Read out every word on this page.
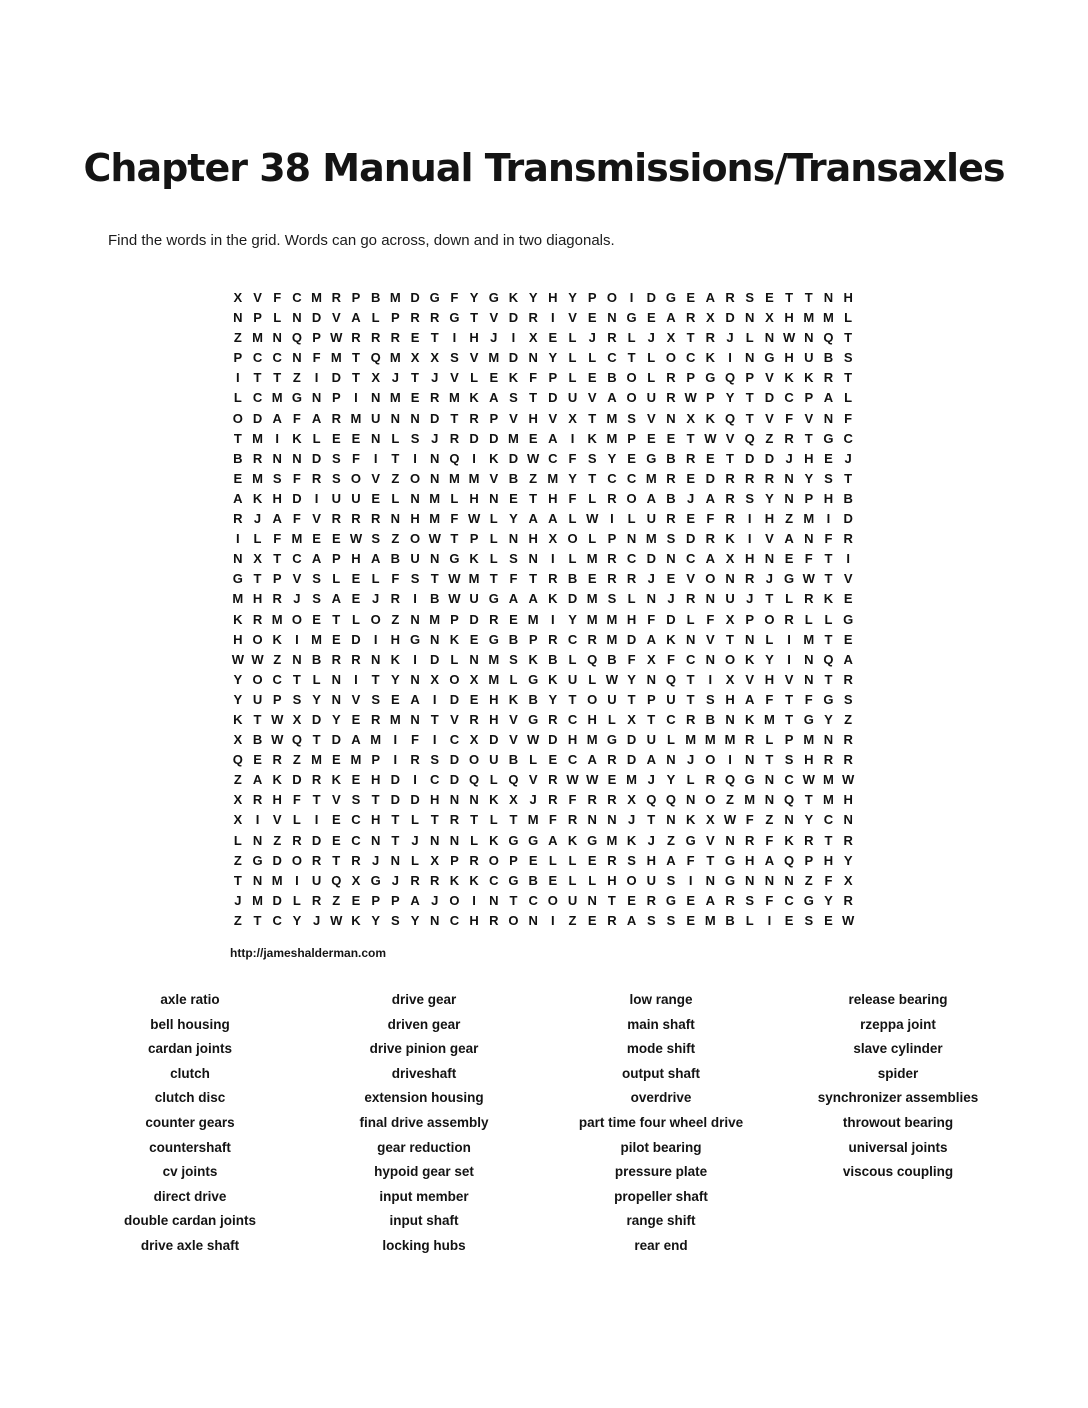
Chapter 38 Manual Transmissions/Transaxles

Find the words in the grid. Words can go across, down and in two diagonals.

X V F C M R P B M D G F Y G K Y H Y P O I	D G E A R S E T T N H
N P L N D V A L P R R G T V D R	I	V E N G E A R X D N X H M M L
Z M N Q P W R R R E T	I	H J	I	X E L J R L J X T R J L N W N Q T
P C C N F M T Q M X X S V M D N Y L L C T L O C K	I	N G H U B S
I	T T Z	I	D T X J T J V L E K F P L E B O L R P G Q P V K K R T
L C M G N P	I	N M E R M K A S T D U V A O U R W P Y T D C P A L
O D A F A R M U N N D T R P V H V X T M S V N X K Q T V F V N F
T M I	K L E E N L S J R D D M E A	I	K M P E E T W V Q Z R T G C
B R N N D S F	I	T	I	N Q I	K D W C F S Y E G B R E T D D J H E J
E M S F R S O V Z O N M M V B Z M Y T C C M R E D R R R N Y S T
A K H D	I	U U E L N M L H N E T H F L R O A B J A R S Y N P H B
R J A F V R R R N H M F W L Y A A L W I	L U R E F R	I	H Z M I	D
I	L F M E E W S Z O W T P L N H X O L P N M S D R K	I	V A N F R
N X T C A P H A B U N G K L S N	I	L M R C D N C A X H N E F T	I
G T P V S L E L F S T W M T F T R B E R R J E V O N R J G W T V
M H R J S A E J R	I	B W U G A A K D M S L N J R N U J T L R K E
K R M O E T L O Z N M P D R E M I	Y M M H F D L F X P O R L L G
H O K	I M E D	I	H G N K E G B P R C R M D A K N V T N L	I M T E
W W Z N B R R N K	I	D L N M S K B L Q B F X F C N O K Y	I	N Q A
Y O C T L N	I	T Y N X O X M L G K U L W Y N Q T	I	X V H V N T R
Y U P S Y N V S E A	I	D E H K B Y T O U T P U T S H A F T F G S
K T W X D Y E R M N T V R H V G R C H L X T C R B N K M T G Y Z
X B W Q T D A M I	F	I	C X D V W D H M G D U L M M M R L P M N R
Q E R Z M E M P	I	R S D O U B L E C A R D A N J O I	N T S H R R
Z A K D R K E H D	I	C D Q L Q V R W W E M J Y L R Q G N C W M W
X R H F T V S T D D H N N K X J R F R R X Q Q N O Z M N Q T M H
X	I	V L	I	E C H T L T R T L T M F R N N J T N K X W F Z N Y C N
L N Z R D E C N T J N N L K G G A K G M K J Z G V N R F K R T R
Z G D O R T R J N L X P R O P E L L E R S H A F T G H A Q P H Y
T N M I	U Q X G J R R K K C G B E L L H O U S	I	N G N N N Z F X
J M D L R Z E P P A J O I	N T C O U N T E R G E A R S F C G Y R
Z T C Y J W K Y S Y N C H R O N	I	Z E R A S S E M B L	I	E S E W
http://jameshalderman.com
axle ratio
bell housing
cardan joints
clutch
clutch disc
counter gears
countershaft
cv joints
direct drive
double cardan joints
drive axle shaft
drive gear
driven gear
drive pinion gear
driveshaft
extension housing
final drive assembly
gear reduction
hypoid gear set
input member
input shaft
locking hubs
low range
main shaft
mode shift
output shaft
overdrive
part time four wheel drive
pilot bearing
pressure plate
propeller shaft
range shift
rear end
release bearing
rzeppa joint
slave cylinder
spider
synchronizer assemblies
throwout bearing
universal joints
viscous coupling
